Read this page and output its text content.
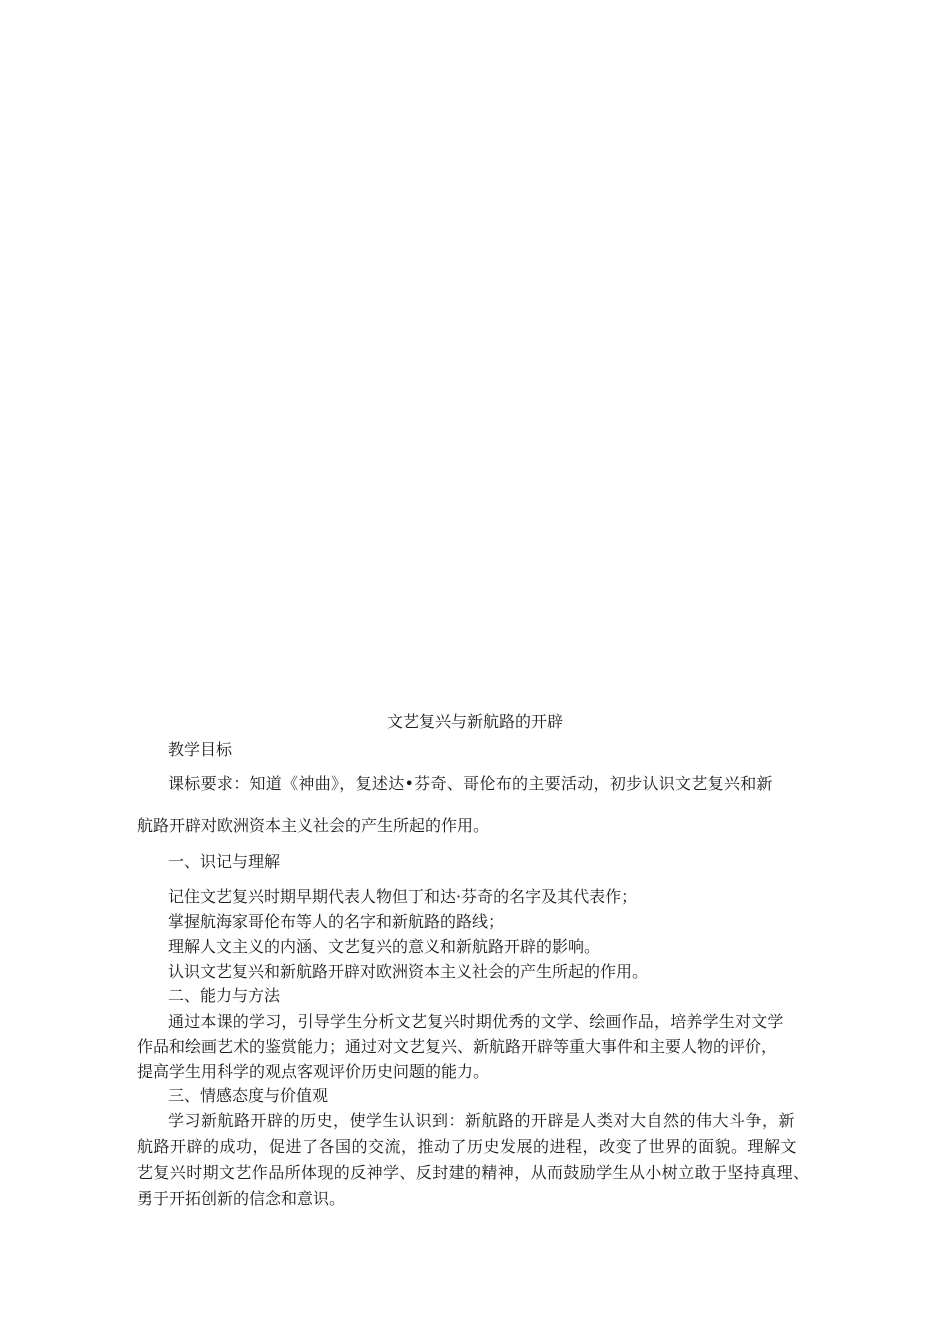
文艺复兴与新航路的开辟
教学目标
课标要求：知道《神曲》，复述达•芬奇、哥伦布的主要活动，初步认识文艺复兴和新
航路开辟对欧洲资本主义社会的产生所起的作用。
一、识记与理解
记住文艺复兴时期早期代表人物但丁和达·芬奇的名字及其代表作；
掌握航海家哥伦布等人的名字和新航路的路线；
理解人文主义的内涵、文艺复兴的意义和新航路开辟的影响。
认识文艺复兴和新航路开辟对欧洲资本主义社会的产生所起的作用。
二、能力与方法
通过本课的学习，引导学生分析文艺复兴时期优秀的文学、绘画作品，培养学生对文学
作品和绘画艺术的鉴赏能力；通过对文艺复兴、新航路开辟等重大事件和主要人物的评价，
提高学生用科学的观点客观评价历史问题的能力。
三、情感态度与价值观
学习新航路开辟的历史，使学生认识到：新航路的开辟是人类对大自然的伟大斗争，新
航路开辟的成功，促进了各国的交流，推动了历史发展的进程，改变了世界的面貌。理解文
艺复兴时期文艺作品所体现的反神学、反封建的精神，从而鼓励学生从小树立敢于坚持真理、
勇于开拓创新的信念和意识。
